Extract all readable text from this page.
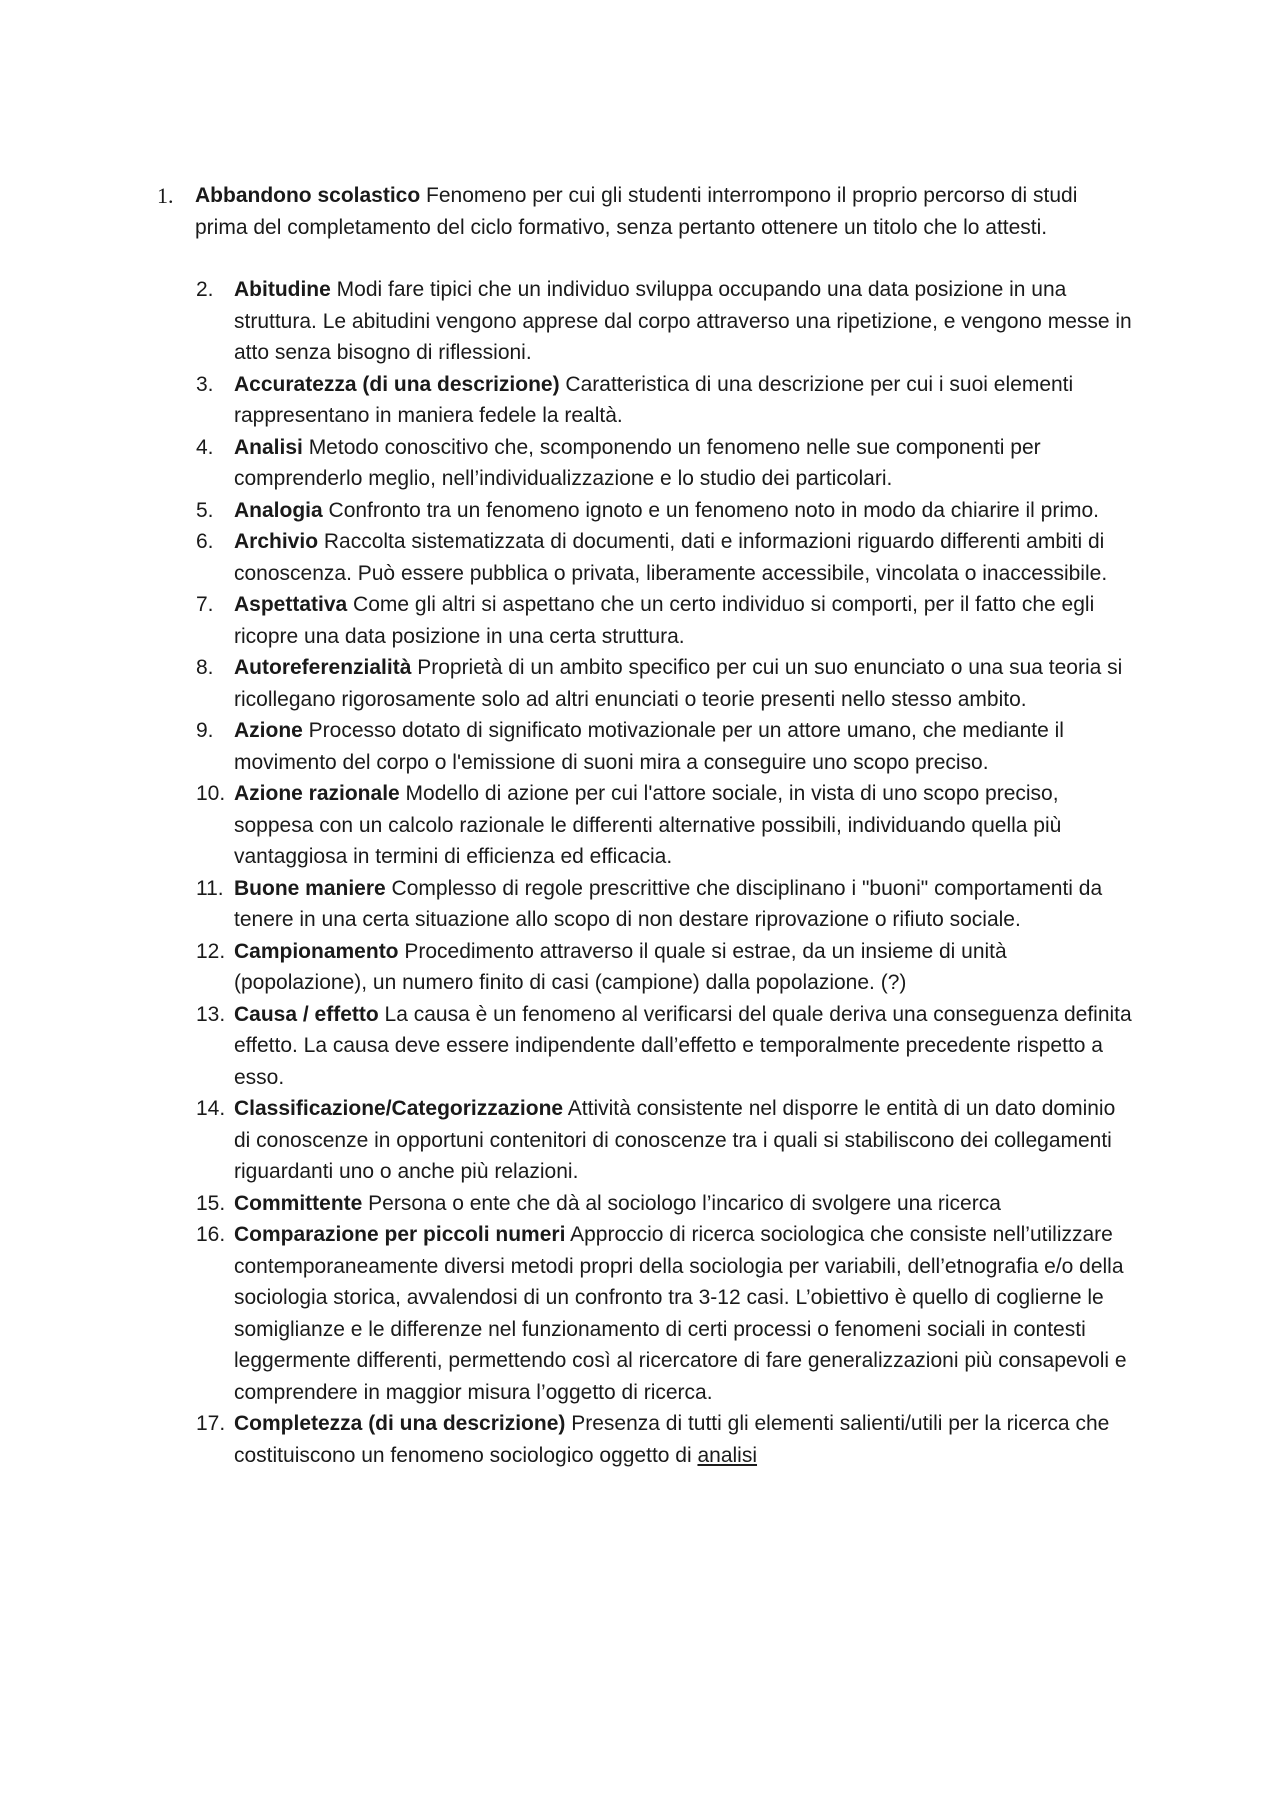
1. Abbandono scolastico Fenomeno per cui gli studenti interrompono il proprio percorso di studi prima del completamento del ciclo formativo, senza pertanto ottenere un titolo che lo attesti.
2. Abitudine Modi fare tipici che un individuo sviluppa occupando una data posizione in una struttura. Le abitudini vengono apprese dal corpo attraverso una ripetizione, e vengono messe in atto senza bisogno di riflessioni.
3. Accuratezza (di una descrizione) Caratteristica di una descrizione per cui i suoi elementi rappresentano in maniera fedele la realtà.
4. Analisi Metodo conoscitivo che, scomponendo un fenomeno nelle sue componenti per comprenderlo meglio, nell’individualizzazione e lo studio dei particolari.
5. Analogia Confronto tra un fenomeno ignoto e un fenomeno noto in modo da chiarire il primo.
6. Archivio Raccolta sistematizzata di documenti, dati e informazioni riguardo differenti ambiti di conoscenza. Può essere pubblica o privata, liberamente accessibile, vincolata o inaccessibile.
7. Aspettativa Come gli altri si aspettano che un certo individuo si comporti, per il fatto che egli ricopre una data posizione in una certa struttura.
8. Autoreferenzialità Proprietà di un ambito specifico per cui un suo enunciato o una sua teoria si ricollegano rigorosamente solo ad altri enunciati o teorie presenti nello stesso ambito.
9. Azione Processo dotato di significato motivazionale per un attore umano, che mediante il movimento del corpo o l'emissione di suoni mira a conseguire uno scopo preciso.
10. Azione razionale Modello di azione per cui l'attore sociale, in vista di uno scopo preciso, soppesa con un calcolo razionale le differenti alternative possibili, individuando quella più vantaggiosa in termini di efficienza ed efficacia.
11. Buone maniere Complesso di regole prescrittive che disciplinano i "buoni" comportamenti da tenere in una certa situazione allo scopo di non destare riprovazione o rifiuto sociale.
12. Campionamento Procedimento attraverso il quale si estrae, da un insieme di unità (popolazione), un numero finito di casi (campione) dalla popolazione. (?)
13. Causa / effetto La causa è un fenomeno al verificarsi del quale deriva una conseguenza definita effetto. La causa deve essere indipendente dall’effetto e temporalmente precedente rispetto a esso.
14. Classificazione/Categorizzazione Attività consistente nel disporre le entità di un dato dominio di conoscenze in opportuni contenitori di conoscenze tra i quali si stabiliscono dei collegamenti riguardanti uno o anche più relazioni.
15. Committente Persona o ente che dà al sociologo l’incarico di svolgere una ricerca
16. Comparazione per piccoli numeri Approccio di ricerca sociologica che consiste nell’utilizzare contemporaneamente diversi metodi propri della sociologia per variabili, dell’etnografia e/o della sociologia storica, avvalendosi di un confronto tra 3-12 casi. L’obiettivo è quello di coglierne le somiglianze e le differenze nel funzionamento di certi processi o fenomeni sociali in contesti leggermente differenti, permettendo così al ricercatore di fare generalizzazioni più consapevoli e comprendere in maggior misura l’oggetto di ricerca.
17. Completezza (di una descrizione) Presenza di tutti gli elementi salienti/utili per la ricerca che costituiscono un fenomeno sociologico oggetto di analisi
